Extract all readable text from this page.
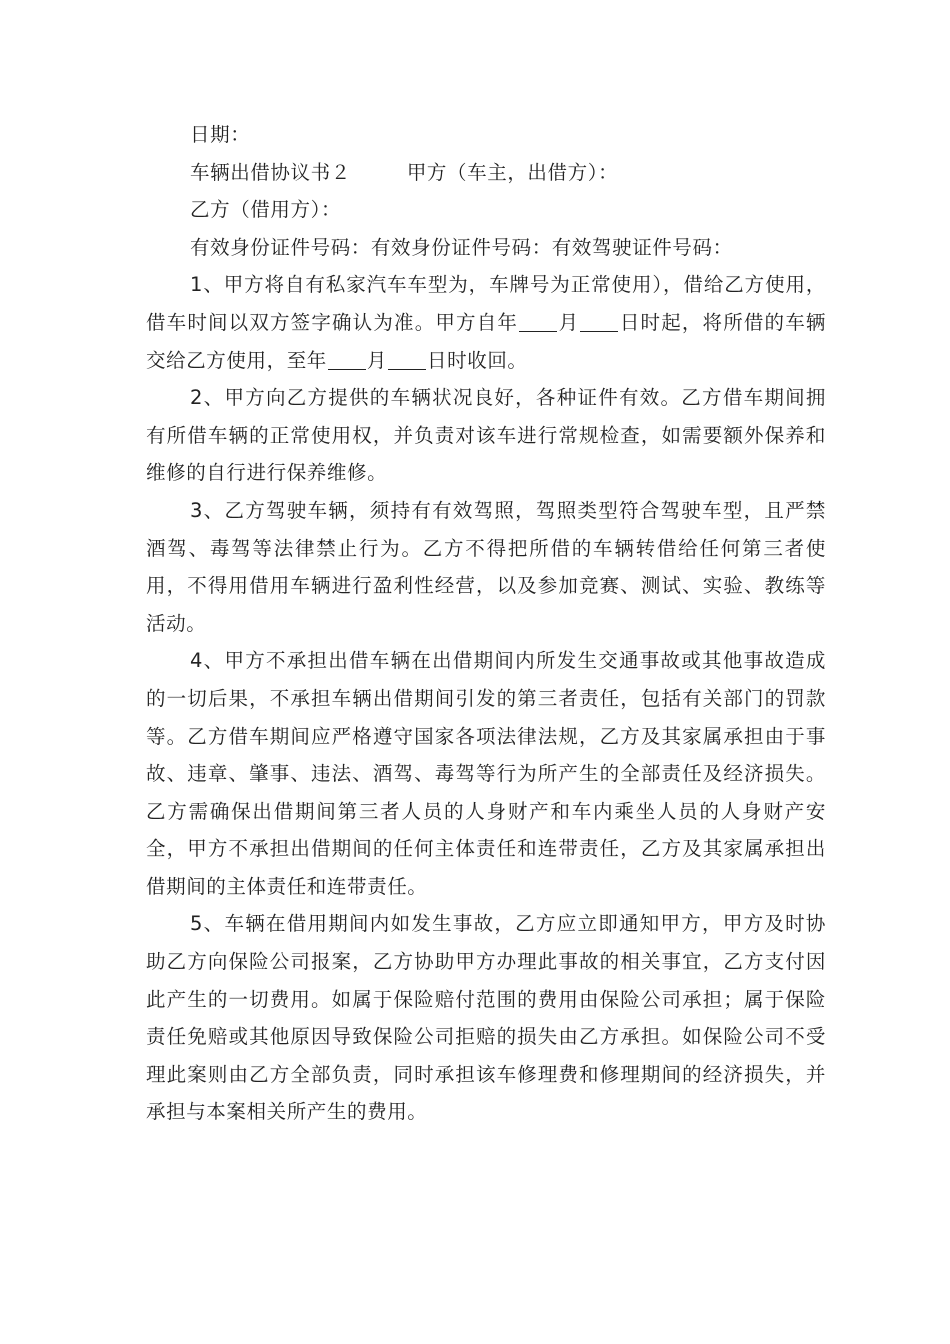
日期：
车辆出借协议书２	甲方（车主，出借方）：
乙方（借用方）：
有效身份证件号码：有效身份证件号码：有效驾驶证件号码：

1、甲方将自有私家汽车车型为，车牌号为正常使用），借给乙方使用，借车时间以双方签字确认为准。甲方自年 月 日时起，将所借的车辆交给乙方使用，至年 月 日时收回。

2、甲方向乙方提供的车辆状况良好，各种证件有效。乙方借车期间拥有所借车辆的正常使用权，并负责对该车进行常规检查，如需要额外保养和维修的自行进行保养维修。

3、乙方驾驶车辆，须持有有效驾照，驾照类型符合驾驶车型，且严禁酒驾、毒驾等法律禁止行为。乙方不得把所借的车辆转借给任何第三者使用，不得用借用车辆进行盈利性经营，以及参加竞赛、测试、实验、教练等活动。

4、甲方不承担出借车辆在出借期间内所发生交通事故或其他事故造成的一切后果，不承担车辆出借期间引发的第三者责任，包括有关部门的罚款等。乙方借车期间应严格遵守国家各项法律法规，乙方及其家属承担由于事故、违章、肇事、违法、酒驾、毒驾等行为所产生的全部责任及经济损失。乙方需确保出借期间第三者人员的人身财产和车内乘坐人员的人身财产安全，甲方不承担出借期间的任何主体责任和连带责任，乙方及其家属承担出借期间的主体责任和连带责任。

5、车辆在借用期间内如发生事故，乙方应立即通知甲方，甲方及时协助乙方向保险公司报案，乙方协助甲方办理此事故的相关事宜，乙方支付因此产生的一切费用。如属于保险赔付范围的费用由保险公司承担；属于保险责任免赔或其他原因导致保险公司拒赔的损失由乙方承担。如保险公司不受理此案则由乙方全部负责，同时承担该车修理费和修理期间的经济损失，并承担与本案相关所产生的费用。
